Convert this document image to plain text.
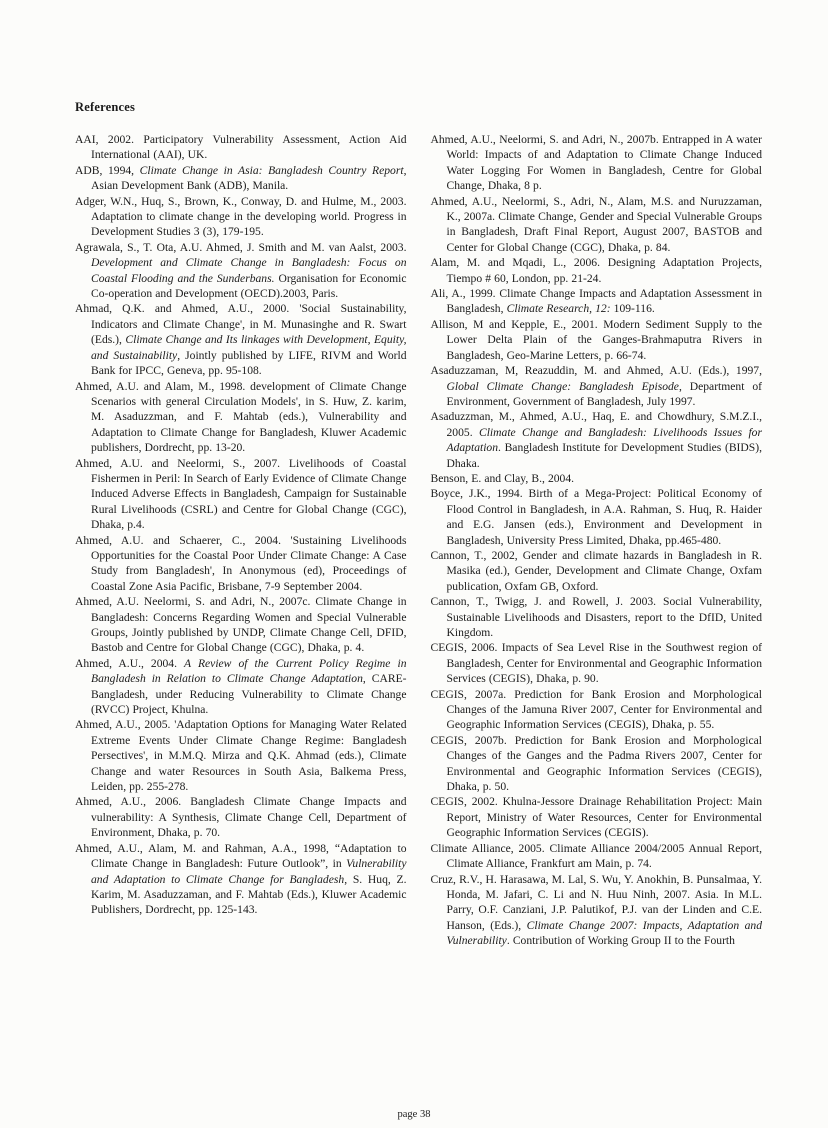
References

AAI, 2002. Participatory Vulnerability Assessment, Action Aid International (AAI), UK.

ADB, 1994, Climate Change in Asia: Bangladesh Country Report, Asian Development Bank (ADB), Manila.

Adger, W.N., Huq, S., Brown, K., Conway, D. and Hulme, M., 2003. Adaptation to climate change in the developing world. Progress in Development Studies 3 (3), 179-195.

Agrawala, S., T. Ota, A.U. Ahmed, J. Smith and M. van Aalst, 2003. Development and Climate Change in Bangladesh: Focus on Coastal Flooding and the Sunderbans. Organisation for Economic Co-operation and Development (OECD).2003, Paris.

Ahmad, Q.K. and Ahmed, A.U., 2000. 'Social Sustainability, Indicators and Climate Change', in M. Munasinghe and R. Swart (Eds.), Climate Change and Its linkages with Development, Equity, and Sustainability, Jointly published by LIFE, RIVM and World Bank for IPCC, Geneva, pp. 95-108.

Ahmed, A.U. and Alam, M., 1998. development of Climate Change Scenarios with general Circulation Models', in S. Huw, Z. karim, M. Asaduzzman, and F. Mahtab (eds.), Vulnerability and Adaptation to Climate Change for Bangladesh, Kluwer Academic publishers, Dordrecht, pp. 13-20.

Ahmed, A.U. and Neelormi, S., 2007. Livelihoods of Coastal Fishermen in Peril: In Search of Early Evidence of Climate Change Induced Adverse Effects in Bangladesh, Campaign for Sustainable Rural Livelihoods (CSRL) and Centre for Global Change (CGC), Dhaka, p.4.

Ahmed, A.U. and Schaerer, C., 2004. 'Sustaining Livelihoods Opportunities for the Coastal Poor Under Climate Change: A Case Study from Bangladesh', In Anonymous (ed), Proceedings of Coastal Zone Asia Pacific, Brisbane, 7-9 September 2004.

Ahmed, A.U. Neelormi, S. and Adri, N., 2007c. Climate Change in Bangladesh: Concerns Regarding Women and Special Vulnerable Groups, Jointly published by UNDP, Climate Change Cell, DFID, Bastob and Centre for Global Change (CGC), Dhaka, p. 4.

Ahmed, A.U., 2004. A Review of the Current Policy Regime in Bangladesh in Relation to Climate Change Adaptation, CARE-Bangladesh, under Reducing Vulnerability to Climate Change (RVCC) Project, Khulna.

Ahmed, A.U., 2005. 'Adaptation Options for Managing Water Related Extreme Events Under Climate Change Regime: Bangladesh Persectives', in M.M.Q. Mirza and Q.K. Ahmad (eds.), Climate Change and water Resources in South Asia, Balkema Press, Leiden, pp. 255-278.

Ahmed, A.U., 2006. Bangladesh Climate Change Impacts and vulnerability: A Synthesis, Climate Change Cell, Department of Environment, Dhaka, p. 70.

Ahmed, A.U., Alam, M. and Rahman, A.A., 1998, “Adaptation to Climate Change in Bangladesh: Future Outlook”, in Vulnerability and Adaptation to Climate Change for Bangladesh, S. Huq, Z. Karim, M. Asaduzzaman, and F. Mahtab (Eds.), Kluwer Academic Publishers, Dordrecht, pp. 125-143.

Ahmed, A.U., Neelormi, S. and Adri, N., 2007b. Entrapped in A water World: Impacts of and Adaptation to Climate Change Induced Water Logging For Women in Bangladesh, Centre for Global Change, Dhaka, 8 p.

Ahmed, A.U., Neelormi, S., Adri, N., Alam, M.S. and Nuruzzaman, K., 2007a. Climate Change, Gender and Special Vulnerable Groups in Bangladesh, Draft Final Report, August 2007, BASTOB and Center for Global Change (CGC), Dhaka, p. 84.

Alam, M. and Mqadi, L., 2006. Designing Adaptation Projects, Tiempo # 60, London, pp. 21-24.

Ali, A., 1999. Climate Change Impacts and Adaptation Assessment in Bangladesh, Climate Research, 12: 109-116.

Allison, M and Kepple, E., 2001. Modern Sediment Supply to the Lower Delta Plain of the Ganges-Brahmaputra Rivers in Bangladesh, Geo-Marine Letters, p. 66-74.

Asaduzzaman, M, Reazuddin, M. and Ahmed, A.U. (Eds.), 1997, Global Climate Change: Bangladesh Episode, Department of Environment, Government of Bangladesh, July 1997.

Asaduzzman, M., Ahmed, A.U., Haq, E. and Chowdhury, S.M.Z.I., 2005. Climate Change and Bangladesh: Livelihoods Issues for Adaptation. Bangladesh Institute for Development Studies (BIDS), Dhaka.

Benson, E. and Clay, B., 2004.

Boyce, J.K., 1994. Birth of a Mega-Project: Political Economy of Flood Control in Bangladesh, in A.A. Rahman, S. Huq, R. Haider and E.G. Jansen (eds.), Environment and Development in Bangladesh, University Press Limited, Dhaka, pp.465-480.

Cannon, T., 2002, Gender and climate hazards in Bangladesh in R. Masika (ed.), Gender, Development and Climate Change, Oxfam publication, Oxfam GB, Oxford.

Cannon, T., Twigg, J. and Rowell, J. 2003. Social Vulnerability, Sustainable Livelihoods and Disasters, report to the DfID, United Kingdom.

CEGIS, 2006. Impacts of Sea Level Rise in the Southwest region of Bangladesh, Center for Environmental and Geographic Information Services (CEGIS), Dhaka, p. 90.

CEGIS, 2007a. Prediction for Bank Erosion and Morphological Changes of the Jamuna River 2007, Center for Environmental and Geographic Information Services (CEGIS), Dhaka, p. 55.

CEGIS, 2007b. Prediction for Bank Erosion and Morphological Changes of the Ganges and the Padma Rivers 2007, Center for Environmental and Geographic Information Services (CEGIS), Dhaka, p. 50.

CEGIS, 2002. Khulna-Jessore Drainage Rehabilitation Project: Main Report, Ministry of Water Resources, Center for Environmental Geographic Information Services (CEGIS).

Climate Alliance, 2005. Climate Alliance 2004/2005 Annual Report, Climate Alliance, Frankfurt am Main, p. 74.

Cruz, R.V., H. Harasawa, M. Lal, S. Wu, Y. Anokhin, B. Punsalmaa, Y. Honda, M. Jafari, C. Li and N. Huu Ninh, 2007. Asia. In M.L. Parry, O.F. Canziani, J.P. Palutikof, P.J. van der Linden and C.E. Hanson, (Eds.), Climate Change 2007: Impacts, Adaptation and Vulnerability. Contribution of Working Group II to the Fourth

page 38
